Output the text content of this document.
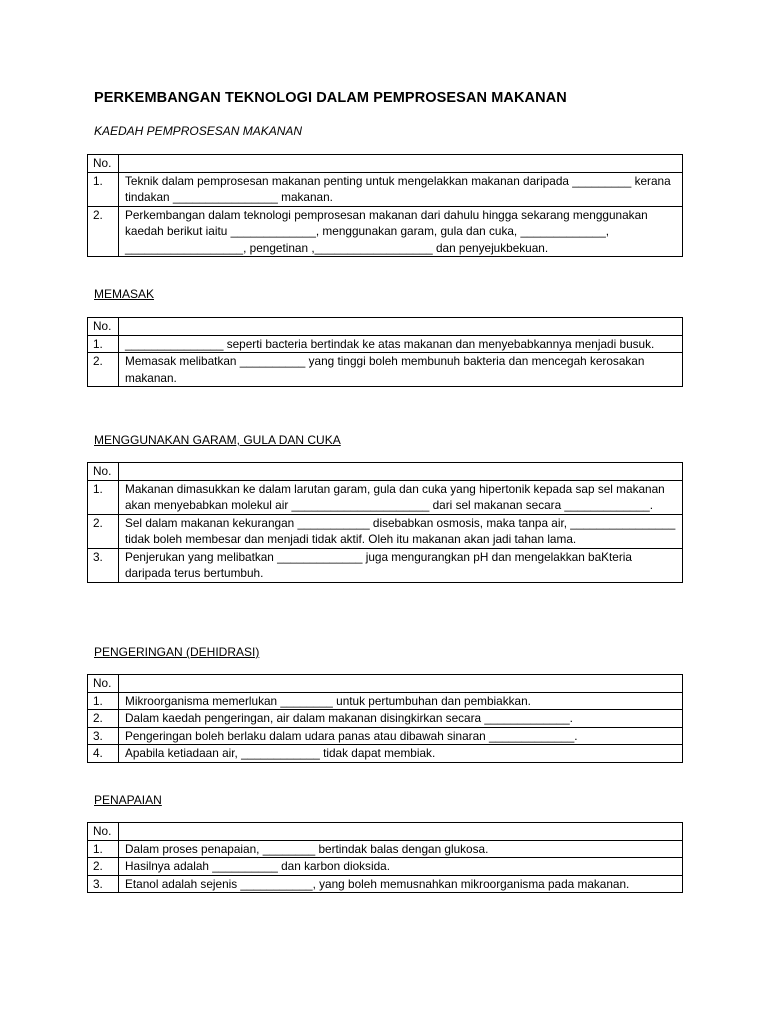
PERKEMBANGAN TEKNOLOGI DALAM PEMPROSESAN MAKANAN
KAEDAH PEMPROSESAN MAKANAN
No.	
1.	Teknik dalam pemprosesan makanan penting untuk mengelakkan makanan daripada _________ kerana tindakan ________________ makanan.
2.	Perkembangan dalam teknologi pemprosesan makanan dari dahulu hingga sekarang menggunakan kaedah berikut iaitu _____________, menggunakan garam, gula dan cuka, _____________, __________________, pengetinan ,__________________ dan penyejukbekuan.
MEMASAK
No.	
1.	_______________ seperti bacteria bertindak ke atas makanan dan menyebabkannya menjadi busuk.
2.	Memasak melibatkan __________ yang tinggi boleh membunuh bakteria dan mencegah kerosakan makanan.
MENGGUNAKAN GARAM, GULA DAN CUKA
No.	
1.	Makanan dimasukkan ke dalam larutan garam, gula dan cuka yang hipertonik kepada sap sel makanan akan menyebabkan molekul air _____________________ dari sel makanan secara _____________.
2.	Sel dalam makanan kekurangan ___________ disebabkan osmosis, maka tanpa air, ________________ tidak boleh membesar dan menjadi tidak aktif. Oleh itu makanan akan jadi tahan lama.
3.	Penjerukan yang melibatkan _____________ juga mengurangkan pH dan mengelakkan baKteria daripada terus bertumbuh.
PENGERINGAN (DEHIDRASI)
No.	
1.	Mikroorganisma memerlukan ________ untuk pertumbuhan dan pembiakkan.
2.	Dalam kaedah pengeringan, air dalam makanan disingkirkan secara _____________.
3.	Pengeringan boleh berlaku dalam udara panas atau dibawah sinaran _____________.
4.	Apabila ketiadaan air, ____________ tidak dapat membiak.
PENAPAIAN
No.	
1.	Dalam proses penapaian, ________ bertindak balas dengan glukosa.
2.	Hasilnya adalah __________ dan karbon dioksida.
3.	Etanol adalah sejenis ___________, yang boleh memusnahkan mikroorganisma pada makanan.
